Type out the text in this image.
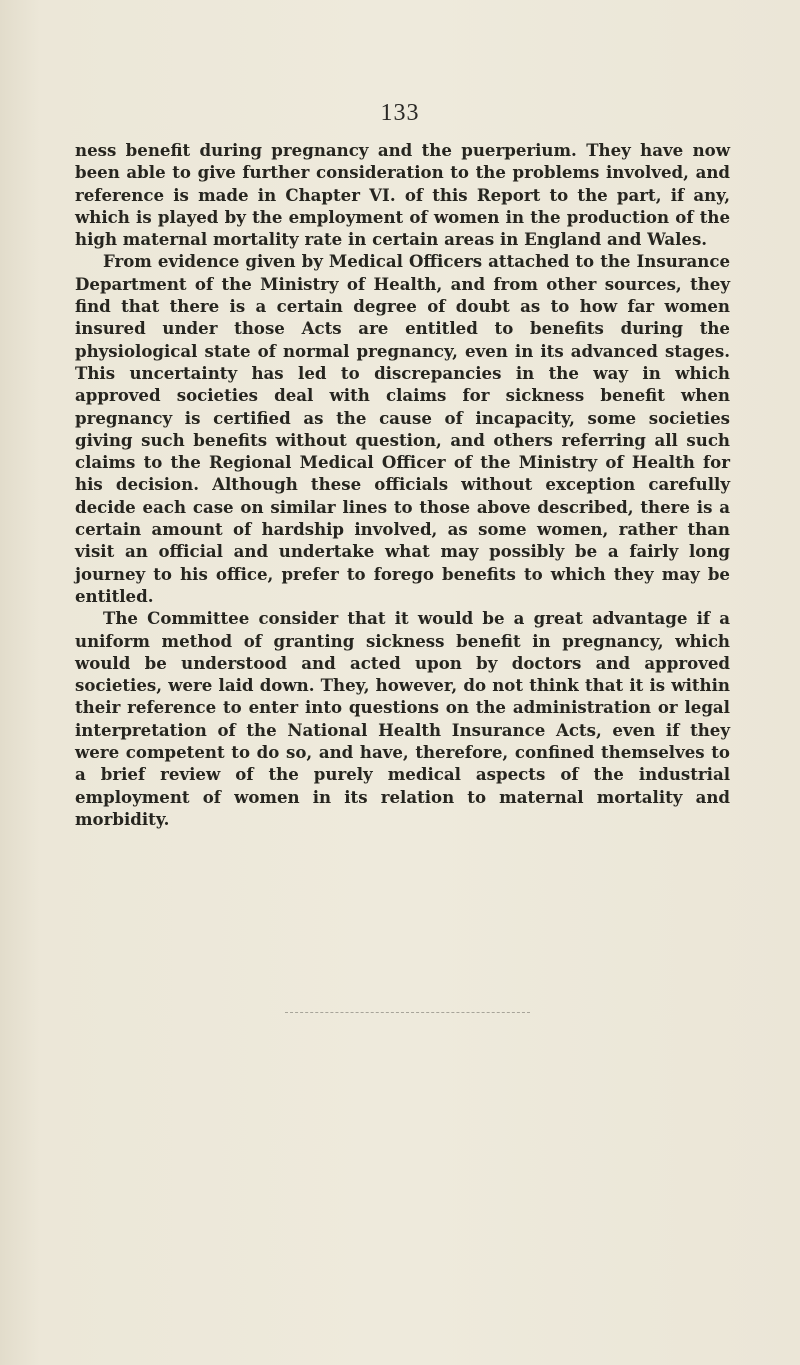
133

ness benefit during pregnancy and the puerperium. They have now been able to give further consideration to the problems involved, and reference is made in Chapter VI. of this Report to the part, if any, which is played by the employment of women in the production of the high maternal mortality rate in certain areas in England and Wales.

From evidence given by Medical Officers attached to the Insurance Department of the Ministry of Health, and from other sources, they find that there is a certain degree of doubt as to how far women insured under those Acts are entitled to benefits during the physiological state of normal pregnancy, even in its advanced stages. This uncertainty has led to discrepancies in the way in which approved societies deal with claims for sickness benefit when pregnancy is certified as the cause of incapacity, some societies giving such benefits without question, and others referring all such claims to the Regional Medical Officer of the Ministry of Health for his decision. Although these officials without exception carefully decide each case on similar lines to those above described, there is a certain amount of hardship involved, as some women, rather than visit an official and undertake what may possibly be a fairly long journey to his office, prefer to forego benefits to which they may be entitled.

The Committee consider that it would be a great advantage if a uniform method of granting sickness benefit in pregnancy, which would be understood and acted upon by doctors and approved societies, were laid down. They, however, do not think that it is within their reference to enter into questions on the administration or legal interpretation of the National Health Insurance Acts, even if they were competent to do so, and have, therefore, confined themselves to a brief review of the purely medical aspects of the industrial employment of women in its relation to maternal mortality and morbidity.
